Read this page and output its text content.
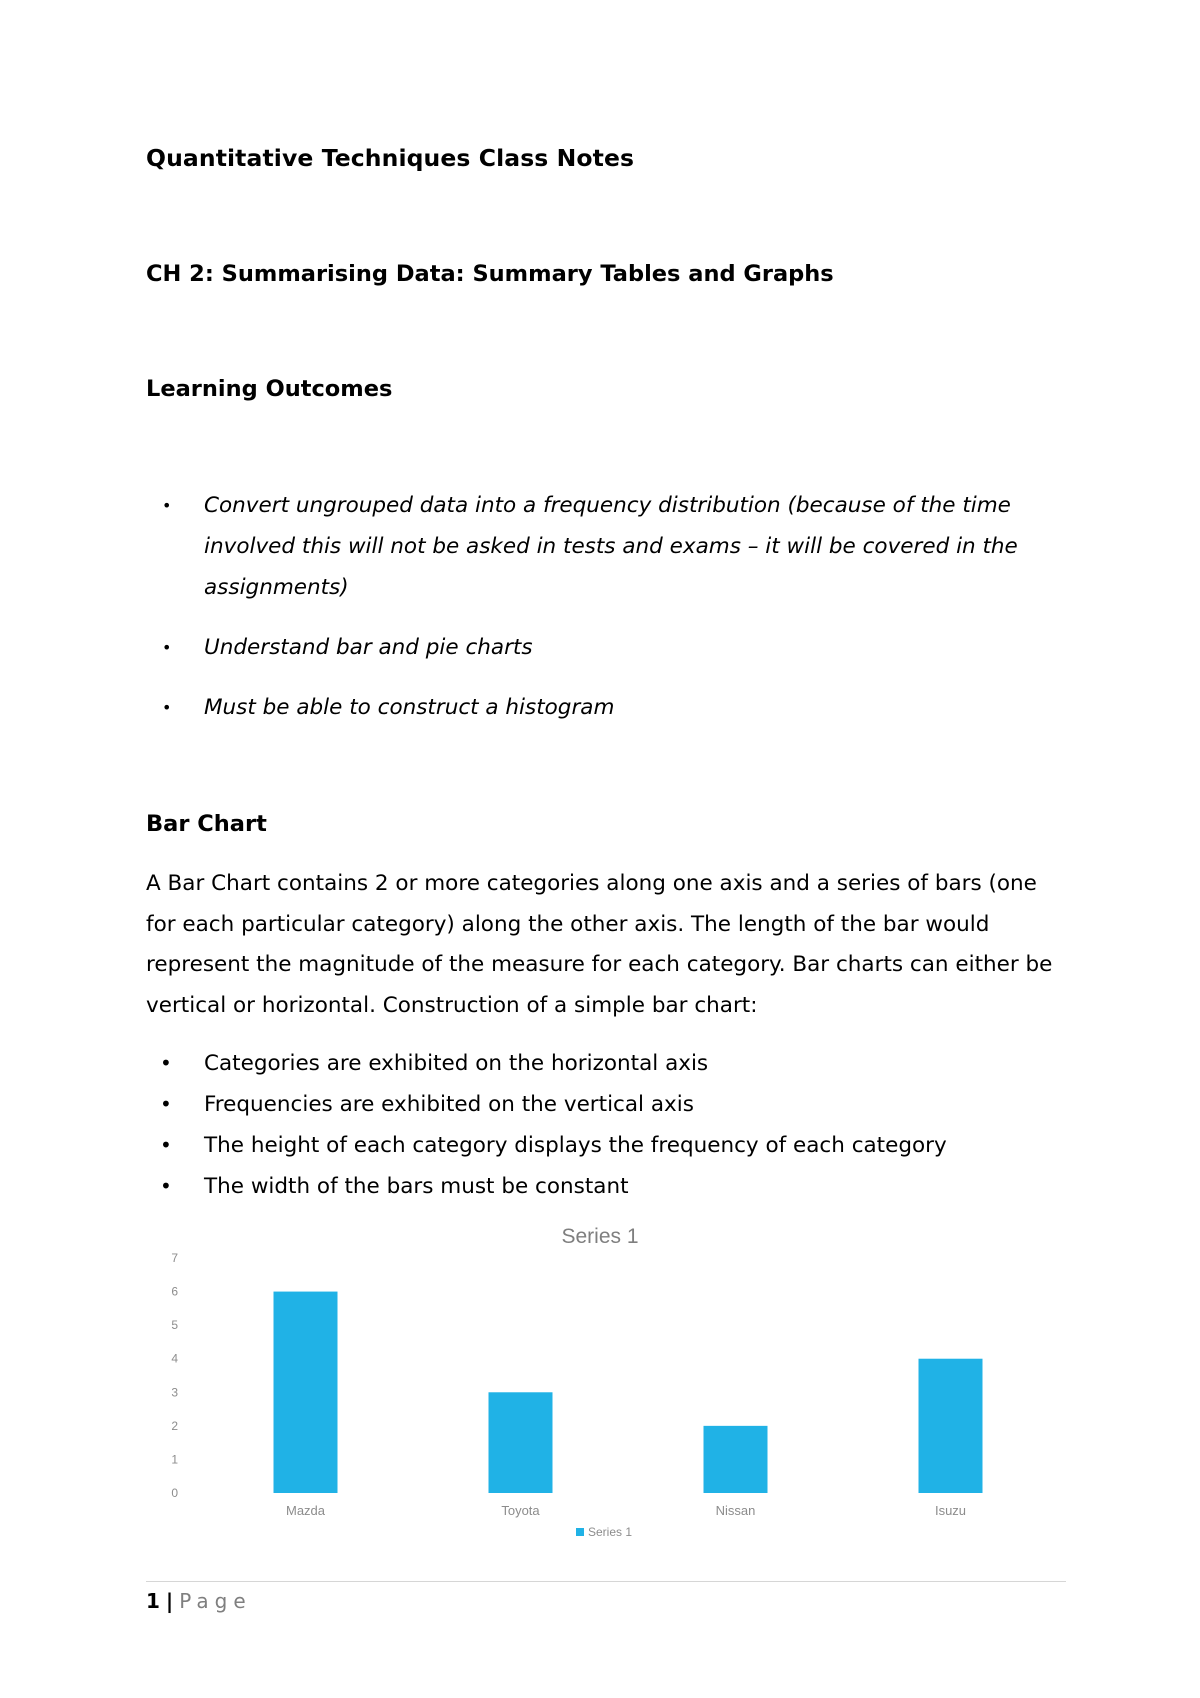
Quantitative Techniques Class Notes
CH 2: Summarising Data: Summary Tables and Graphs
Learning Outcomes
• Convert ungrouped data into a frequency distribution (because of the time involved this will not be asked in tests and exams – it will be covered in the assignments)
• Understand bar and pie charts
• Must be able to construct a histogram
Bar Chart

A Bar Chart contains 2 or more categories along one axis and a series of bars (one for each particular category) along the other axis. The length of the bar would represent the magnitude of the measure for each category. Bar charts can either be vertical or horizontal. Construction of a simple bar chart:

• Categories are exhibited on the horizontal axis
• Frequencies are exhibited on the vertical axis
• The height of each category displays the frequency of each category
• The width of the bars must be constant
Series 1
0
1
2
3
4
5
6
7
Mazda	Toyota	Nissan	Isuzu
Series 1
1 | Page
